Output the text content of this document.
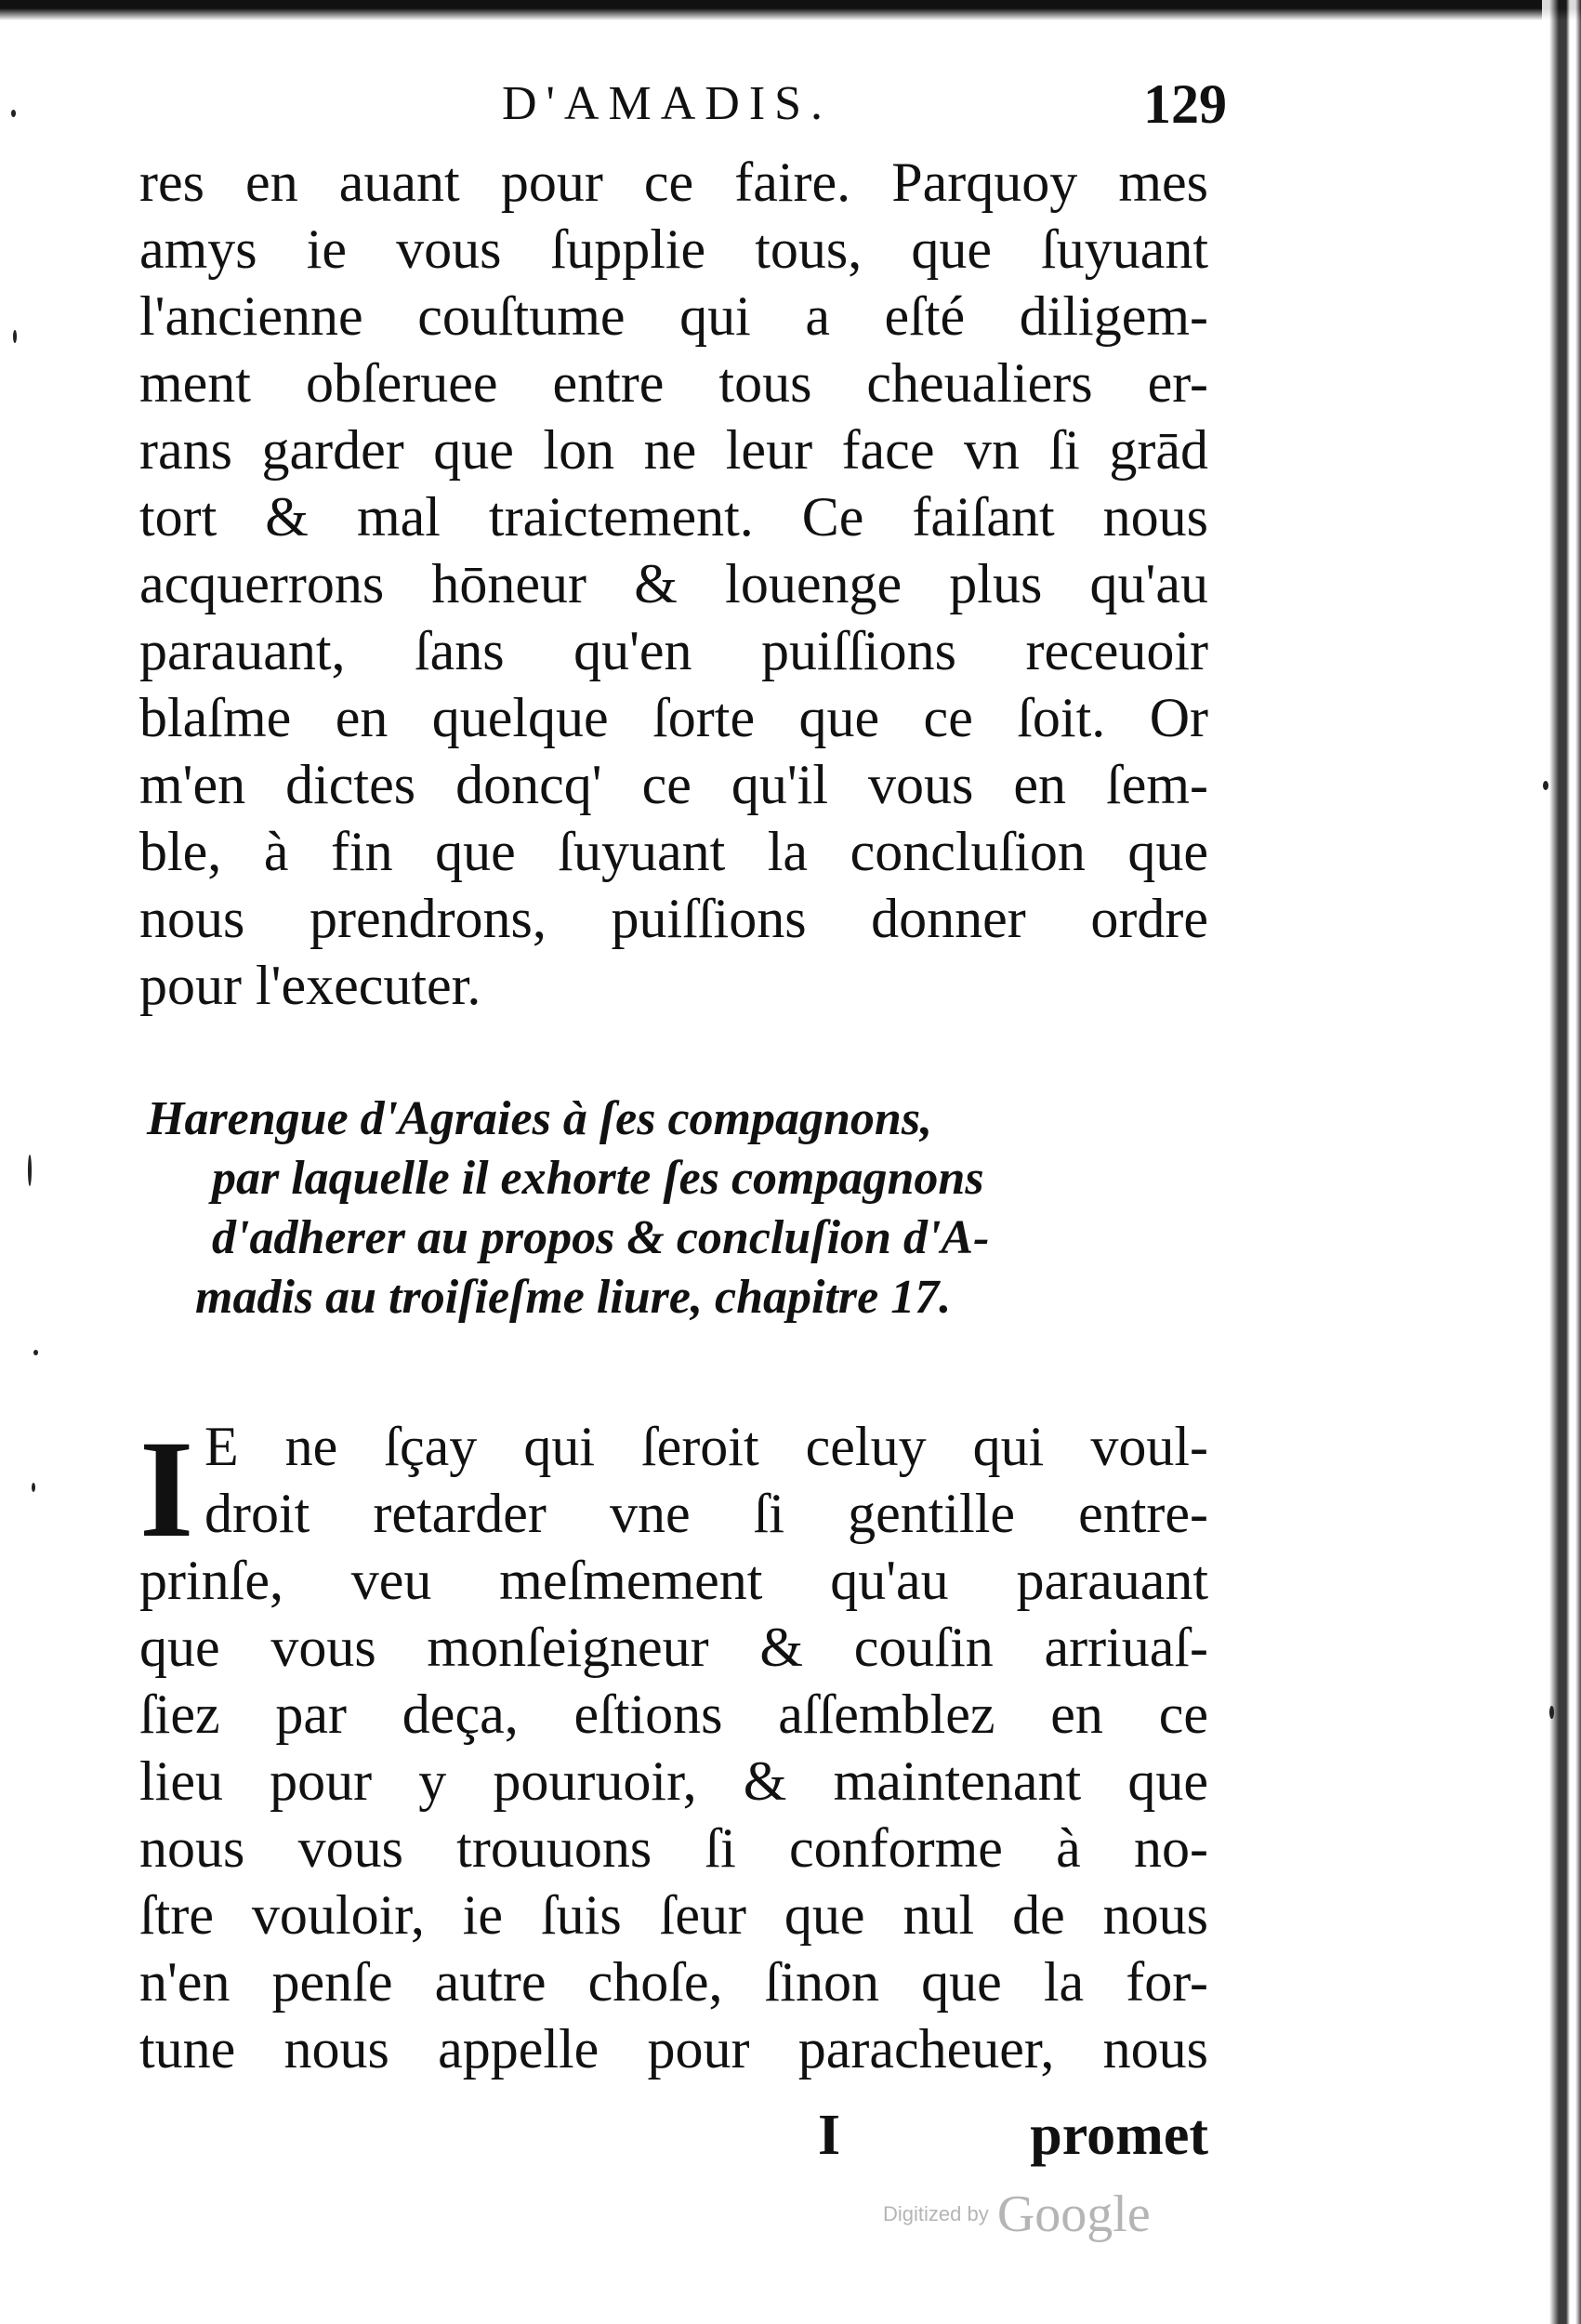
D'AMADIS.	129
res en auant pour ce faire. Parquoy mes
amys ie vous ſupplie tous, que ſuyuant
l'ancienne couſtume qui a eſté diligem-
ment obſeruee entre tous cheualiers er-
rans garder que lon ne leur face vn ſi grād
tort & mal traictement. Ce faiſant nous
acquerrons hōneur & louenge plus qu'au
parauant, ſans qu'en puiſſions receuoir
blaſme en quelque ſorte que ce ſoit. Or
m'en dictes doncq' ce qu'il vous en ſem-
ble, à fin que ſuyuant la concluſion que
nous prendrons, puiſſions donner ordre
pour l'executer.
Harengue d'Agraies à ſes compagnons,
par laquelle il exhorte ſes compagnons
d'adherer au propos & concluſion d'A-
madis au troiſieſme liure, chapitre 17.
I E ne ſçay qui ſeroit celuy qui voul-
droit retarder vne ſi gentille entre-
prinſe, veu meſmement qu'au parauant
que vous monſeigneur & couſin arriuaſ-
ſiez par deça, eſtions aſſemblez en ce
lieu pour y pouruoir, & maintenant que
nous vous trouuons ſi conforme à no-
ſtre vouloir, ie ſuis ſeur que nul de nous
n'en penſe autre choſe, ſinon que la for-
tune nous appelle pour paracheuer, nous
I	promet
Digitized by Google
